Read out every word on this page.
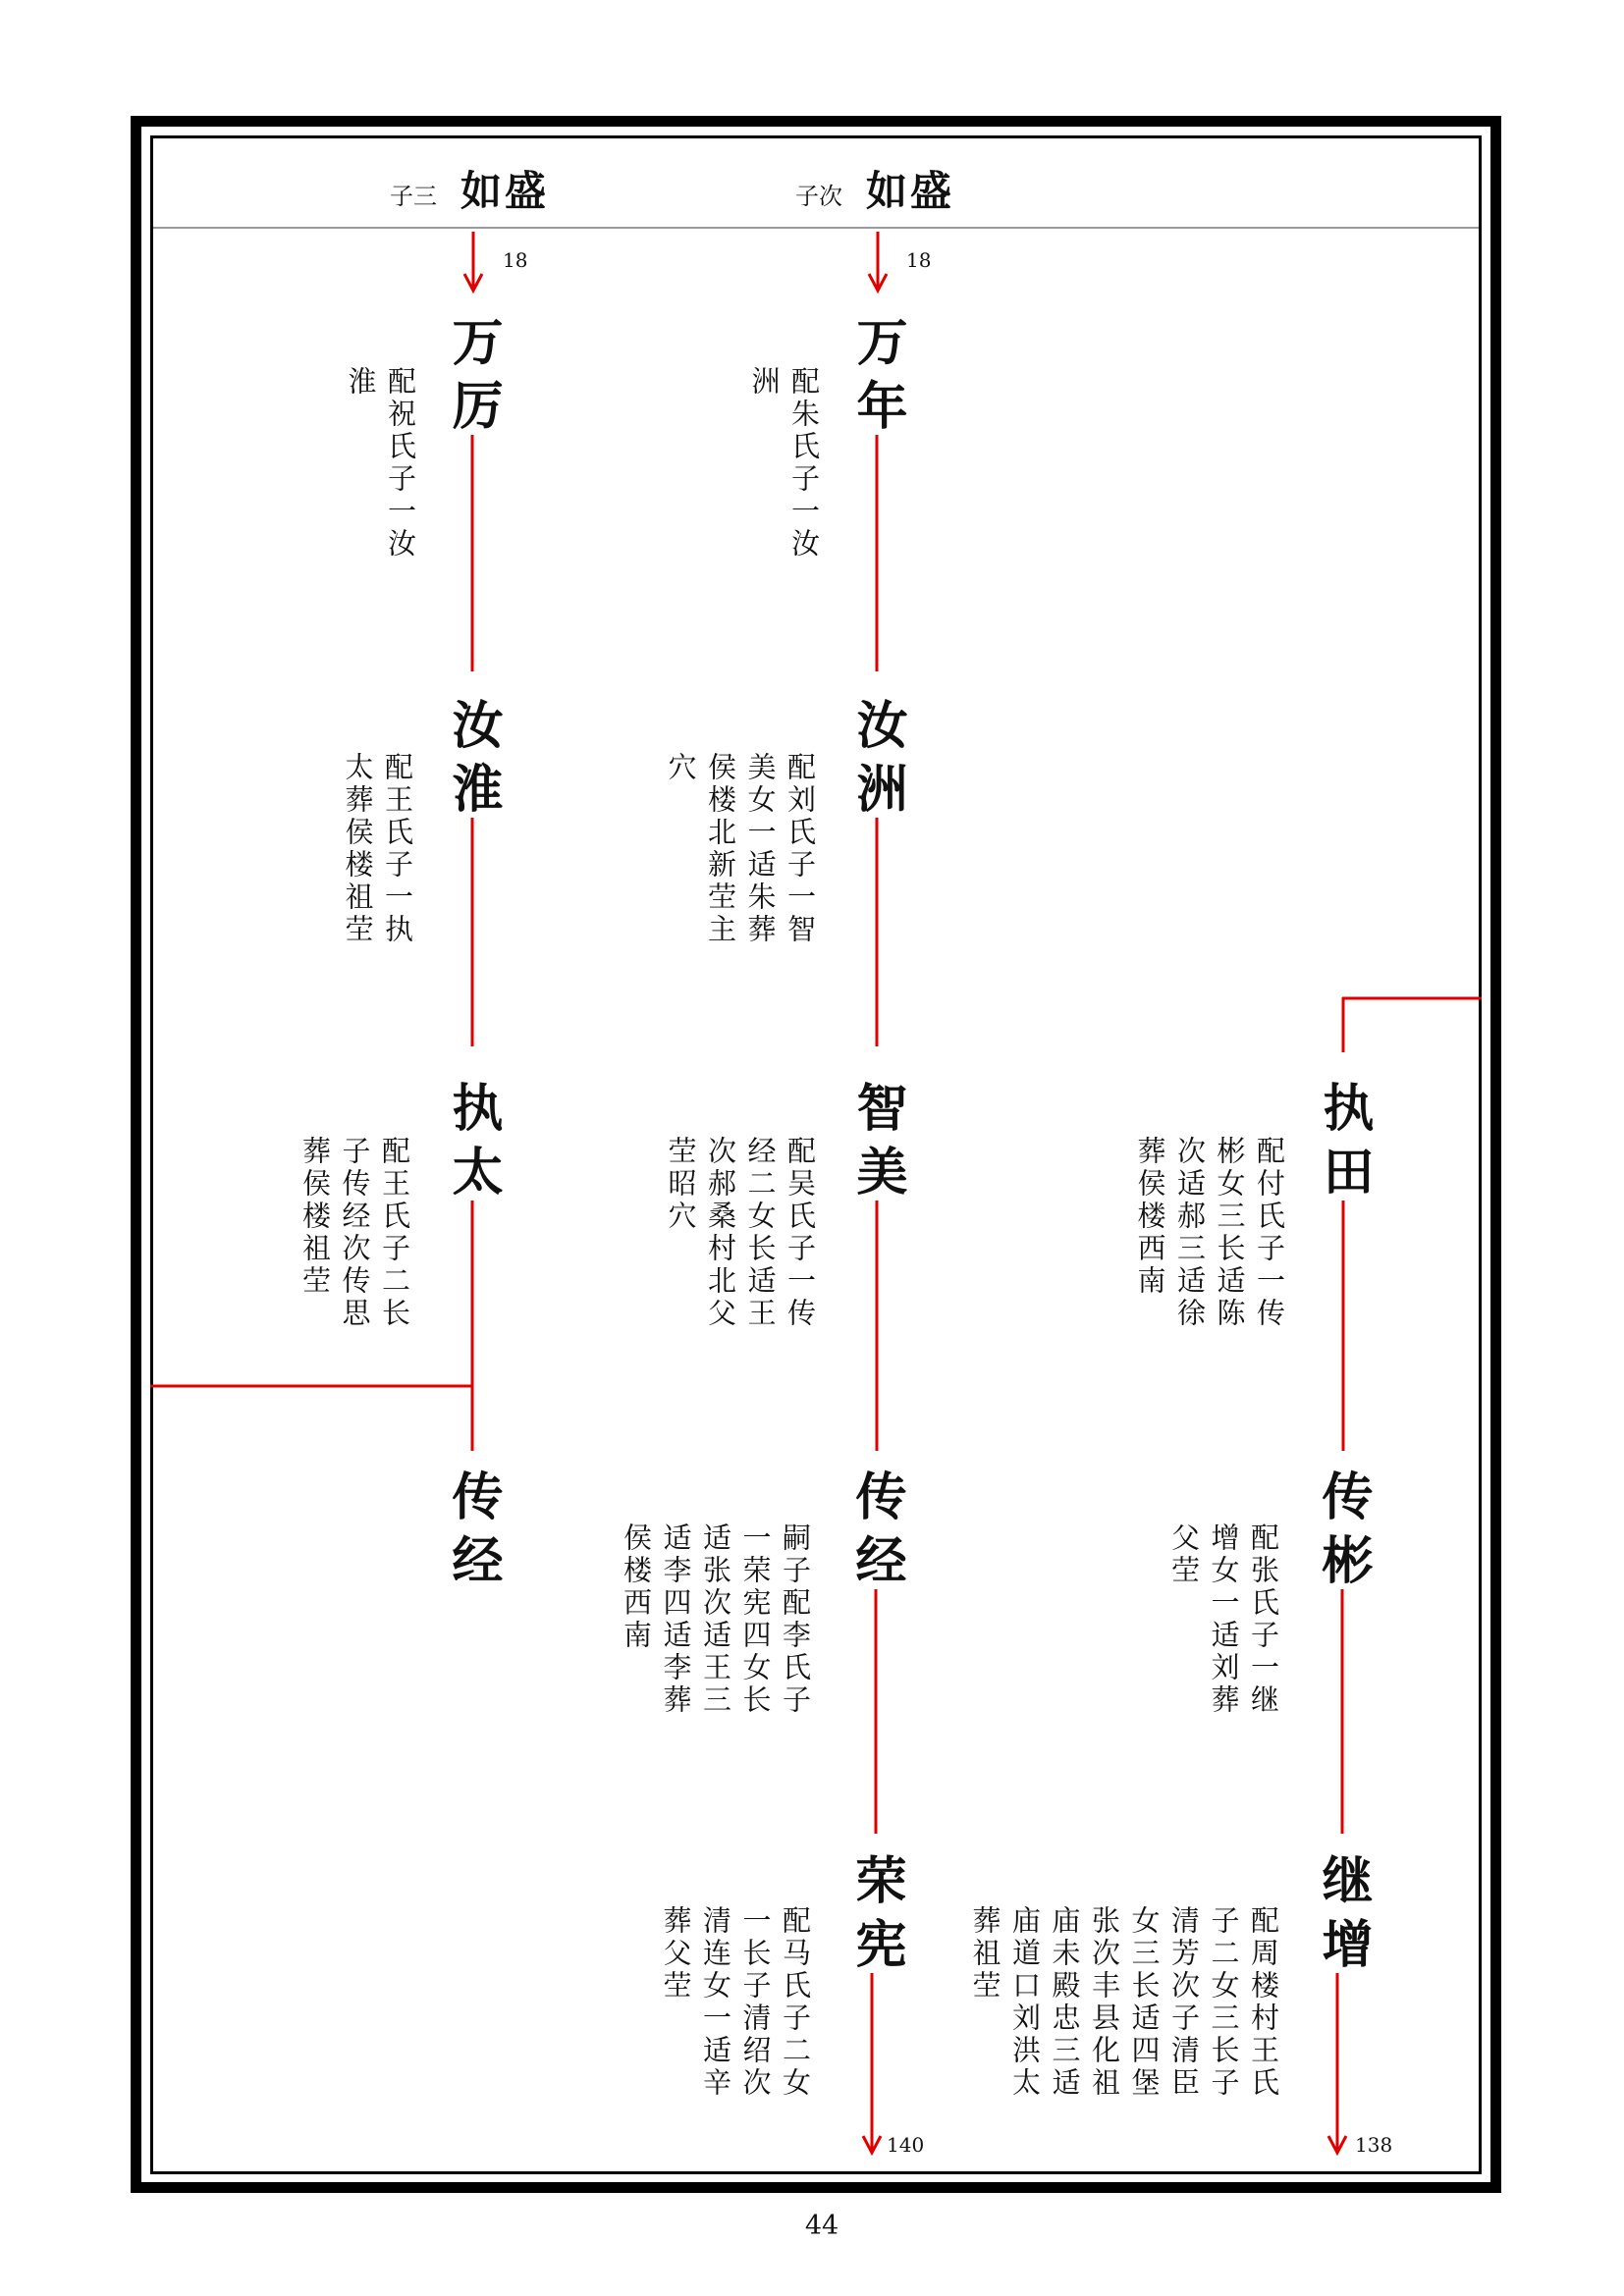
子三 如盛	子次 如盛
18	18
140	138
万厉
配祝氏子一汝
淮
汝淮
配王氏子一执
太葬侯楼祖茔
执太
配王氏子二长
子传经次传思
葬侯楼祖茔
传经
万年
配朱氏子一汝
洲
汝洲
配刘氏子一智
美女一适朱葬
侯楼北新茔主
穴
智美
配吴氏子一传
经二女长适王
次郝桑村北父
茔昭穴
传经
嗣子配李氏子
一荣宪四女长
适张次适王三
适李四适李葬
侯楼西南
荣宪
配马氏子二女
一长子清绍次
清连女一适辛
葬父茔
执田
配付氏子一传
彬女三长适陈
次适郝三适徐
葬侯楼西南
传彬
配张氏子一继
增女一适刘葬
父茔
继增
配周楼村王氏
子二女三长子
清芳次子清臣
女三长适四堡
张次丰县化祖
庙未殿忠三适
庙道口刘洪太
葬祖茔
44
